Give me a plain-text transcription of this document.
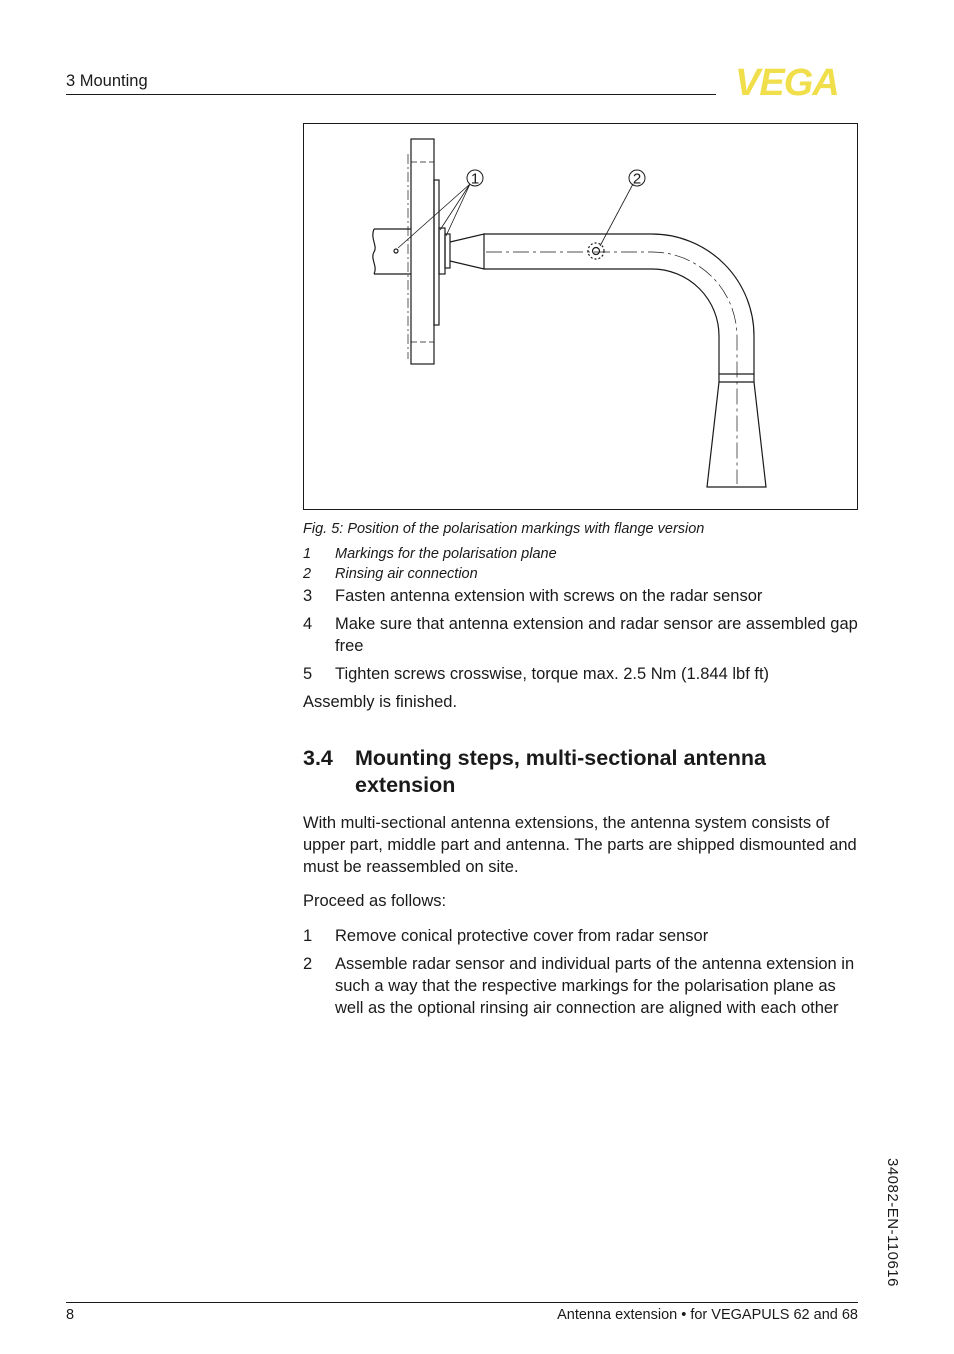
3 Mounting	VEGA
1	2
Fig. 5: Position of the polarisation markings with flange version
1 Markings for the polarisation plane
2 Rinsing air connection
3 Fasten antenna extension with screws on the radar sensor
4 Make sure that antenna extension and radar sensor are assembled gap free
5 Tighten screws crosswise, torque max. 2.5 Nm (1.844 lbf ft)
Assembly is finished.
3.4 Mounting steps, multi-sectional antenna extension
With multi-sectional antenna extensions, the antenna system consists of upper part, middle part and antenna. The parts are shipped dismounted and must be reassembled on site.
Proceed as follows:
1 Remove conical protective cover from radar sensor
2 Assemble radar sensor and individual parts of the antenna extension in such a way that the respective markings for the polarisation plane as well as the optional rinsing air connection are aligned with each other
34082-EN-110616
8	Antenna extension • for VEGAPULS 62 and 68
